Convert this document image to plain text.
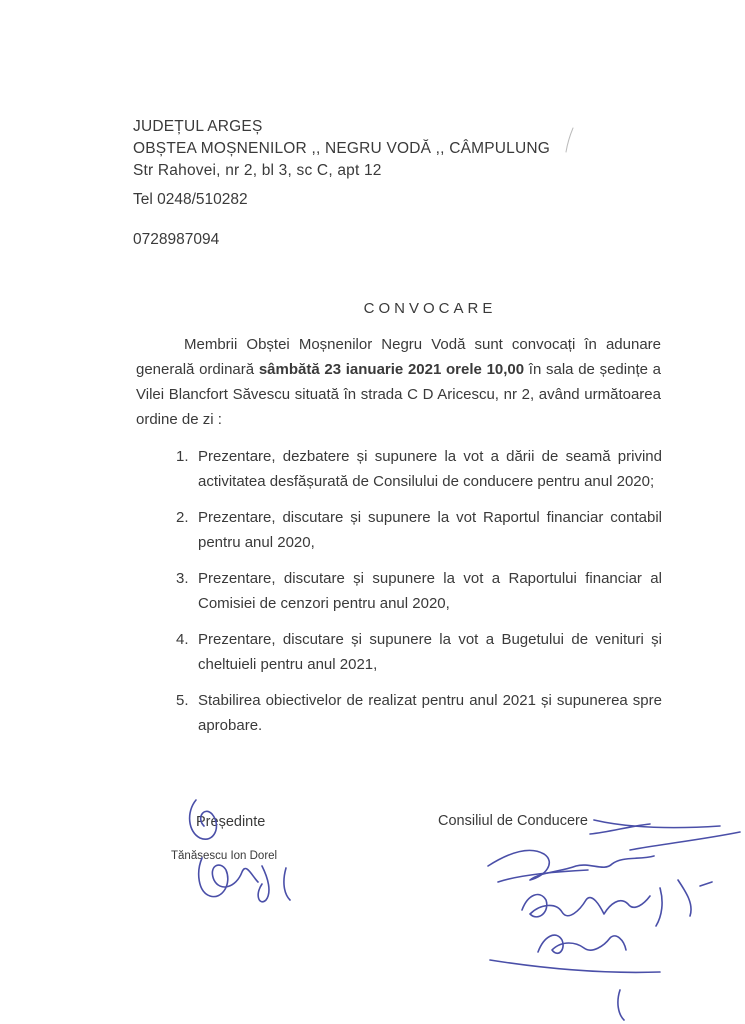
JUDEȚUL ARGEȘ
OBȘTEA MOȘNENILOR ,, NEGRU VODĂ ,, CÂMPULUNG
Str Rahovei, nr 2, bl 3, sc C, apt 12
Tel 0248/510282
0728987094
CONVOCARE
Membrii Obștei Moșnenilor Negru Vodă sunt convocați în adunare generală ordinară sâmbătă 23 ianuarie 2021 orele 10,00 în sala de ședințe a Vilei Blancfort Săvescu situată în strada C D Aricescu, nr 2, având următoarea ordine de zi :
1. Prezentare, dezbatere și supunere la vot a dării de seamă privind activitatea desfășurată de Consilului de conducere pentru anul 2020;
2. Prezentare, discutare și supunere la vot Raportul financiar contabil pentru anul 2020,
3. Prezentare, discutare și supunere la vot a Raportului financiar al Comisiei de cenzori pentru anul 2020,
4. Prezentare, discutare și supunere la vot a Bugetului de venituri și cheltuieli pentru anul 2021,
5. Stabilirea obiectivelor de realizat pentru anul 2021 și supunerea spre aprobare.
Președinte
Tănăsescu Ion Dorel
Consiliul de Conducere
